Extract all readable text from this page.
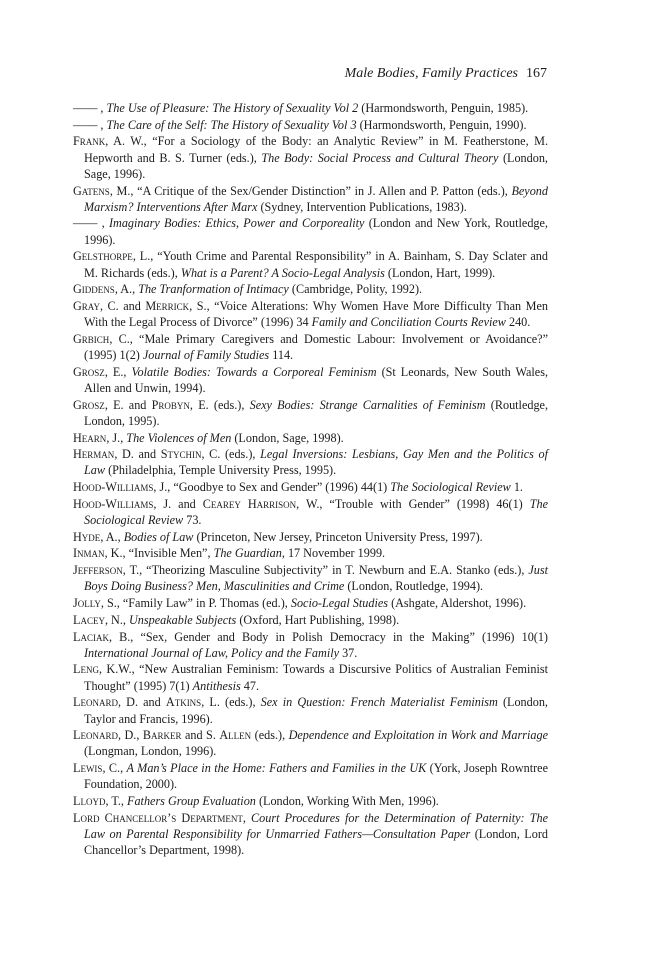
Male Bodies, Family Practices 167

—— , The Use of Pleasure: The History of Sexuality Vol 2 (Harmondsworth, Penguin, 1985).

—— , The Care of the Self: The History of Sexuality Vol 3 (Harmondsworth, Penguin, 1990).

Frank, A. W., “For a Sociology of the Body: an Analytic Review” in M. Featherstone, M. Hepworth and B. S. Turner (eds.), The Body: Social Process and Cultural Theory (London, Sage, 1996).

Gatens, M., “A Critique of the Sex/Gender Distinction” in J. Allen and P. Patton (eds.), Beyond Marxism? Interventions After Marx (Sydney, Intervention Publications, 1983).

—— , Imaginary Bodies: Ethics, Power and Corporeality (London and New York, Routledge, 1996).

Gelsthorpe, L., “Youth Crime and Parental Responsibility” in A. Bainham, S. Day Sclater and M. Richards (eds.), What is a Parent? A Socio-Legal Analysis (London, Hart, 1999).

Giddens, A., The Tranformation of Intimacy (Cambridge, Polity, 1992).

Gray, C. and Merrick, S., “Voice Alterations: Why Women Have More Difficulty Than Men With the Legal Process of Divorce” (1996) 34 Family and Conciliation Courts Review 240.

Grbich, C., “Male Primary Caregivers and Domestic Labour: Involvement or Avoidance?” (1995) 1(2) Journal of Family Studies 114.

Grosz, E., Volatile Bodies: Towards a Corporeal Feminism (St Leonards, New South Wales, Allen and Unwin, 1994).

Grosz, E. and Probyn, E. (eds.), Sexy Bodies: Strange Carnalities of Feminism (Routledge, London, 1995).

Hearn, J., The Violences of Men (London, Sage, 1998).

Herman, D. and Stychin, C. (eds.), Legal Inversions: Lesbians, Gay Men and the Politics of Law (Philadelphia, Temple University Press, 1995).

Hood-Williams, J., “Goodbye to Sex and Gender” (1996) 44(1) The Sociological Review 1.

Hood-Williams, J. and Cearey Harrison, W., “Trouble with Gender” (1998) 46(1) The Sociological Review 73.

Hyde, A., Bodies of Law (Princeton, New Jersey, Princeton University Press, 1997).

Inman, K., “Invisible Men”, The Guardian, 17 November 1999.

Jefferson, T., “Theorizing Masculine Subjectivity” in T. Newburn and E.A. Stanko (eds.), Just Boys Doing Business? Men, Masculinities and Crime (London, Routledge, 1994).

Jolly, S., “Family Law” in P. Thomas (ed.), Socio-Legal Studies (Ashgate, Aldershot, 1996).

Lacey, N., Unspeakable Subjects (Oxford, Hart Publishing, 1998).

Laciak, B., “Sex, Gender and Body in Polish Democracy in the Making” (1996) 10(1) International Journal of Law, Policy and the Family 37.

Leng, K.W., “New Australian Feminism: Towards a Discursive Politics of Australian Feminist Thought” (1995) 7(1) Antithesis 47.

Leonard, D. and Atkins, L. (eds.), Sex in Question: French Materialist Feminism (London, Taylor and Francis, 1996).

Leonard, D., Barker and S. Allen (eds.), Dependence and Exploitation in Work and Marriage (Longman, London, 1996).

Lewis, C., A Man’s Place in the Home: Fathers and Families in the UK (York, Joseph Rowntree Foundation, 2000).

Lloyd, T., Fathers Group Evaluation (London, Working With Men, 1996).

Lord Chancellor’s Department, Court Procedures for the Determination of Paternity: The Law on Parental Responsibility for Unmarried Fathers—Consultation Paper (London, Lord Chancellor’s Department, 1998).
